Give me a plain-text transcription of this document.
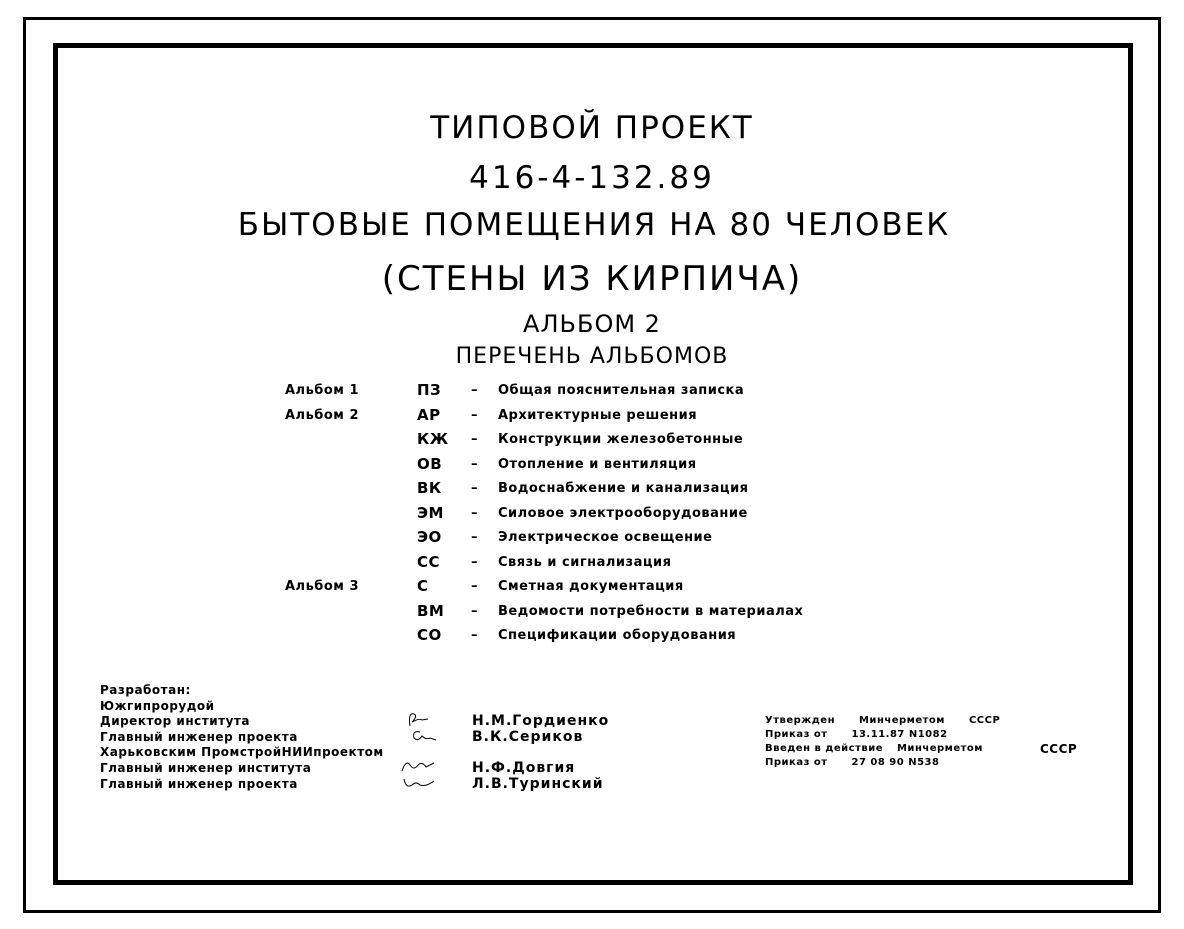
ТИПОВОЙ ПРОЕКТ
416-4-132.89
БЫТОВЫЕ ПОМЕЩЕНИЯ НА 80 ЧЕЛОВЕК
(СТЕНЫ ИЗ КИРПИЧА)
АЛЬБОМ 2
ПЕРЕЧЕНЬ АЛЬБОМОВ
Альбом 1	ПЗ – Общая пояснительная записка
Альбом 2	АР – Архитектурные решения
КЖ – Конструкции железобетонные
ОВ – Отопление и вентиляция
ВК – Водоснабжение и канализация
ЭМ – Силовое электрооборудование
ЭО – Электрическое освещение
СС – Связь и сигнализация
Альбом 3	С	– Сметная документация
ВМ – Ведомости потребности в материалах
СО – Спецификации оборудования
Разработан:
Южгипрорудой
Директор института	Н.М.Гордиенко
Главный инженер проекта	В.К.Сериков
Харьковским ПромстройНИИпроектом
Главный инженер института	Н.Ф.Довгия
Главный инженер проекта	Л.В.Туринский
Утвержден Минчерметом СССР
Приказ от 13.11.87 N1082
Введен в действие Минчерметом	СССР
Приказ от 27 08 90 N538
